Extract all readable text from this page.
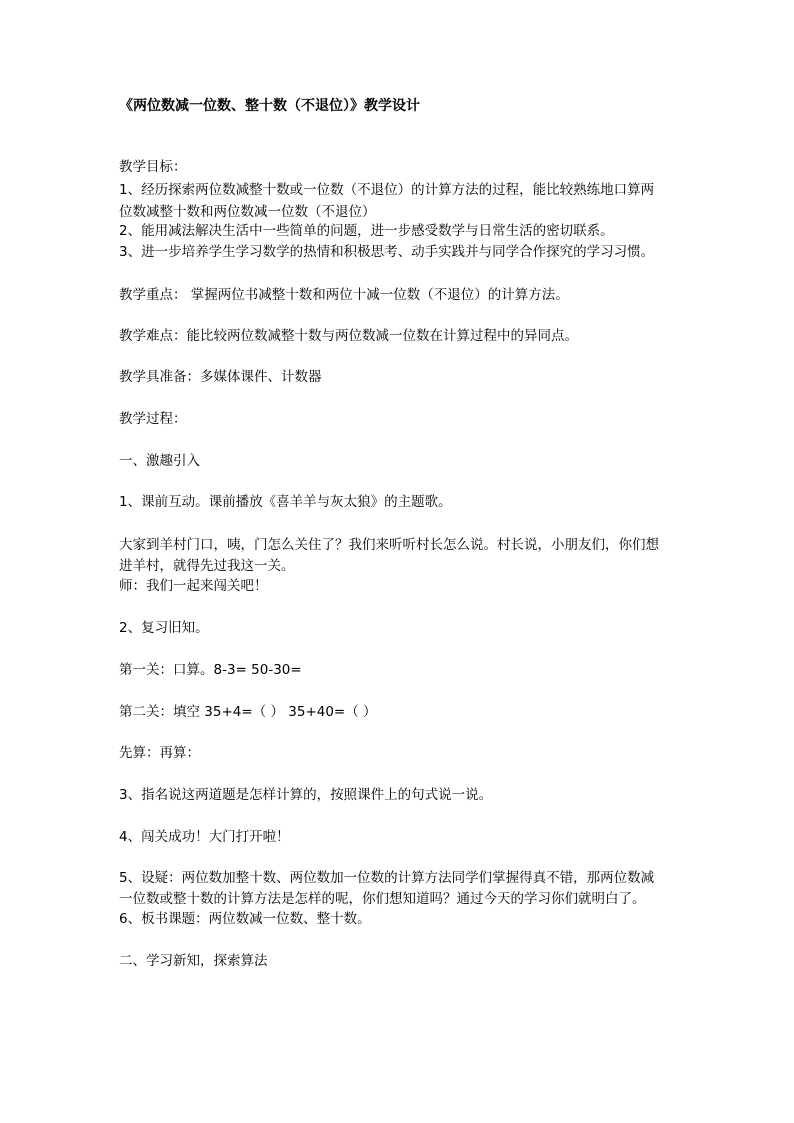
《两位数减一位数、整十数（不退位）》教学设计
教学目标：
1、经历探索两位数减整十数或一位数（不退位）的计算方法的过程，能比较熟练地口算两
位数减整十数和两位数减一位数（不退位）
2、能用减法解决生活中一些简单的问题，进一步感受数学与日常生活的密切联系。
3、进一步培养学生学习数学的热情和积极思考、动手实践并与同学合作探究的学习习惯。
教学重点： 掌握两位书减整十数和两位十减一位数（不退位）的计算方法。
教学难点：能比较两位数减整十数与两位数减一位数在计算过程中的异同点。
教学具准备：多媒体课件、计数器
教学过程：
一、激趣引入
1、课前互动。课前播放《喜羊羊与灰太狼》的主题歌。
大家到羊村门口，咦，门怎么关住了？我们来听听村长怎么说。村长说，小朋友们，你们想
进羊村，就得先过我这一关。
师：我们一起来闯关吧！
2、复习旧知。
第一关：口算。8-3= 50-30=
第二关：填空 35+4=（ ） 35+40=（ ）
先算：再算：
3、指名说这两道题是怎样计算的，按照课件上的句式说一说。
4、闯关成功！大门打开啦！
5、设疑：两位数加整十数、两位数加一位数的计算方法同学们掌握得真不错，那两位数减
一位数或整十数的计算方法是怎样的呢，你们想知道吗？通过今天的学习你们就明白了。
6、板书课题：两位数减一位数、整十数。
二、学习新知，探索算法
